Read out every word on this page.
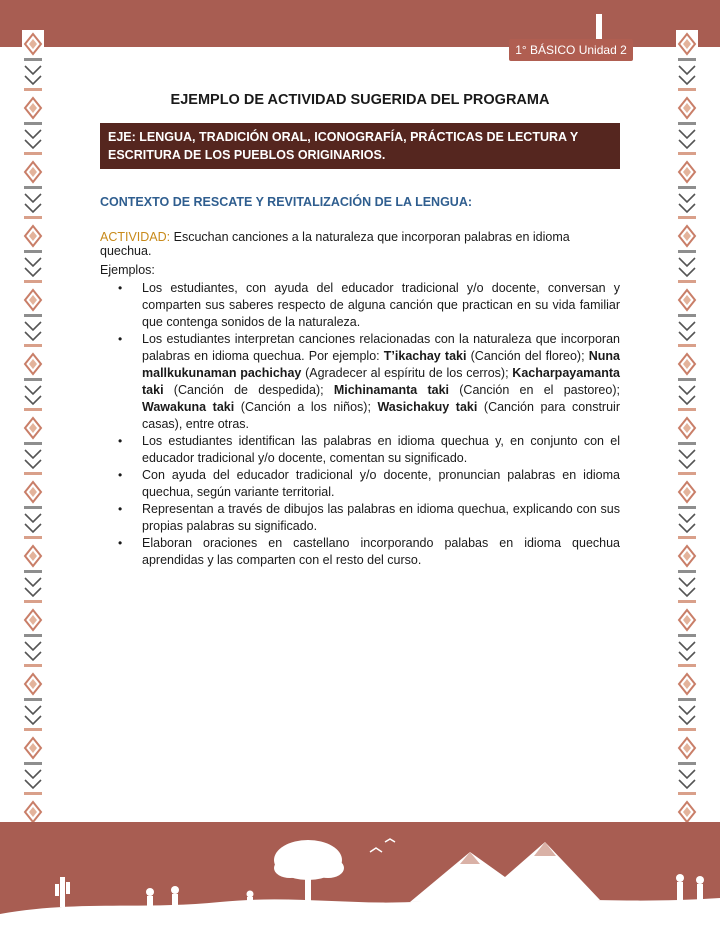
1° BÁSICO Unidad 2
EJEMPLO DE ACTIVIDAD SUGERIDA DEL PROGRAMA
EJE: LENGUA, TRADICIÓN ORAL, ICONOGRAFÍA, PRÁCTICAS DE LECTURA Y ESCRITURA DE LOS PUEBLOS ORIGINARIOS.
CONTEXTO DE RESCATE Y REVITALIZACIÓN DE LA LENGUA:
ACTIVIDAD: Escuchan canciones a la naturaleza que incorporan palabras en idioma quechua.
Ejemplos:
• Los estudiantes, con ayuda del educador tradicional y/o docente, conversan y comparten sus saberes respecto de alguna canción que practican en su vida familiar que contenga sonidos de la naturaleza.
• Los estudiantes interpretan canciones relacionadas con la naturaleza que incorporan palabras en idioma quechua. Por ejemplo: T’ikachay taki (Canción del floreo); Nuna mallkukunaman pachichay (Agradecer al espíritu de los cerros); Kacharpayamanta taki (Canción de despedida); Michinamanta taki (Canción en el pastoreo); Wawakuna taki (Canción a los niños); Wasichakuy taki (Canción para construir casas), entre otras.
• Los estudiantes identifican las palabras en idioma quechua y, en conjunto con el educador tradicional y/o docente, comentan su significado.
• Con ayuda del educador tradicional y/o docente, pronuncian palabras en idioma quechua, según variante territorial.
• Representan a través de dibujos las palabras en idioma quechua, explicando con sus propias palabras su significado.
• Elaboran oraciones en castellano incorporando palabas en idioma quechua aprendidas y las comparten con el resto del curso.
